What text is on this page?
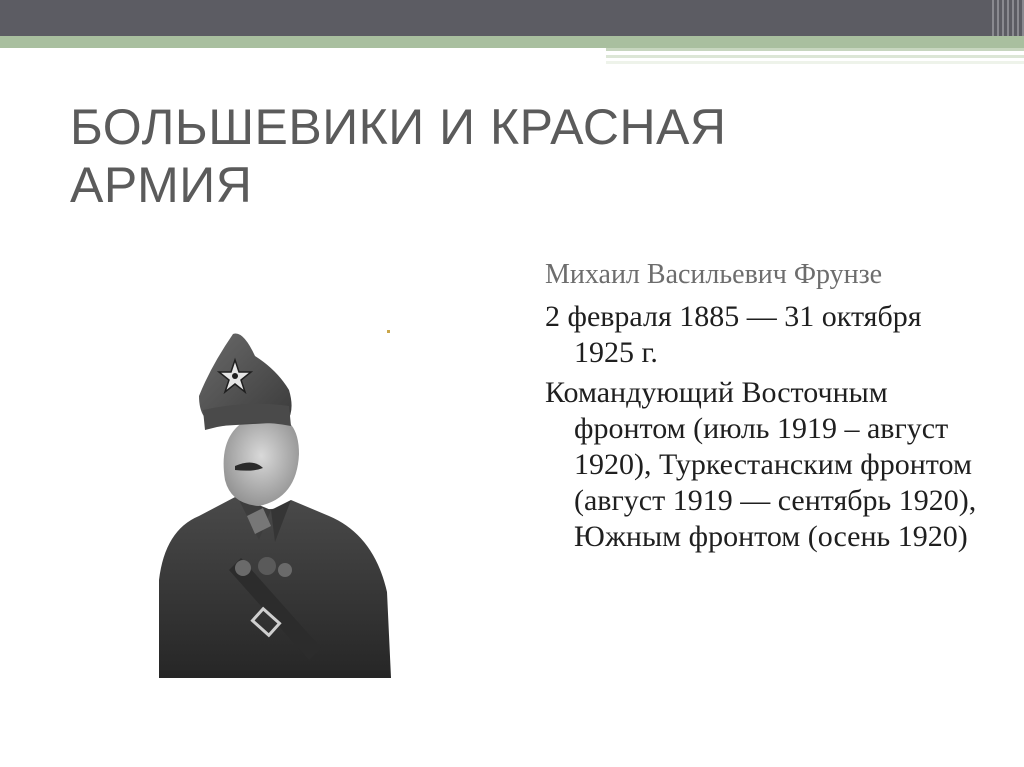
БОЛЬШЕВИКИ И КРАСНАЯ
АРМИЯ

Михаил Васильевич Фрунзе

2 февраля 1885 — 31 октября 1925 г.

Командующий Восточным фронтом (июль 1919 – август 1920), Туркестанским фронтом (август 1919 — сентябрь 1920), Южным фронтом (осень 1920)
